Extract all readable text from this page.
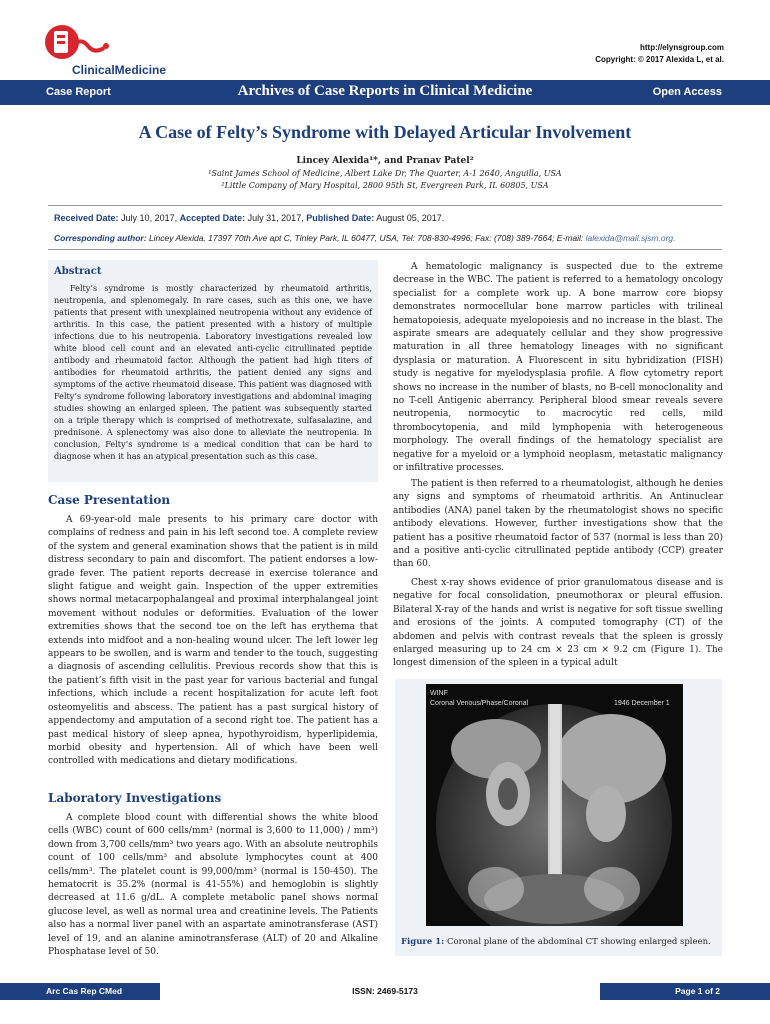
ClinicalMedicine
http://elynsgroup.com
Copyright: © 2017 Alexida L, et al.
Case Report	Archives of Case Reports in Clinical Medicine	Open Access
A Case of Felty’s Syndrome with Delayed Articular Involvement
Lincey Alexida¹*, and Pranav Patel²
¹Saint James School of Medicine, Albert Lake Dr, The Quarter, A-1 2640, Anguilla, USA
²Little Company of Mary Hospital, 2800 95th St, Evergreen Park, IL 60805, USA
Received Date: July 10, 2017, Accepted Date: July 31, 2017, Published Date: August 05, 2017.
Corresponding author: Lincey Alexida, 17397 70th Ave apt C, Tinley Park, IL 60477, USA, Tel: 708-830-4996; Fax: (708) 389-7664; E-mail: lalexida@mail.sjsm.org.
Abstract

Felty’s syndrome is mostly characterized by rheumatoid arthritis, neutropenia, and splenomegaly. In rare cases, such as this one, we have patients that present with unexplained neutropenia without any evidence of arthritis. In this case, the patient presented with a history of multiple infections due to his neutropenia. Laboratory investigations revealed low white blood cell count and an elevated anti-cyclic citrullinated peptide antibody and rheumatoid factor. Although the patient had high titers of antibodies for rheumatoid arthritis, the patient denied any signs and symptoms of the active rheumatoid disease. This patient was diagnosed with Felty’s syndrome following laboratory investigations and abdominal imaging studies showing an enlarged spleen. The patient was subsequently started on a triple therapy which is comprised of methotrexate, sulfasalazine, and prednisone. A splenectomy was also done to alleviate the neutropenia. In conclusion, Felty’s syndrome is a medical condition that can be hard to diagnose when it has an atypical presentation such as this case.

Case Presentation

A 69-year-old male presents to his primary care doctor with complains of redness and pain in his left second toe. A complete review of the system and general examination shows that the patient is in mild distress secondary to pain and discomfort. The patient endorses a low-grade fever. The patient reports decrease in exercise tolerance and slight fatigue and weight gain. Inspection of the upper extremities shows normal metacarpophalangeal and proximal interphalangeal joint movement without nodules or deformities. Evaluation of the lower extremities shows that the second toe on the left has erythema that extends into midfoot and a non-healing wound ulcer. The left lower leg appears to be swollen, and is warm and tender to the touch, suggesting a diagnosis of ascending cellulitis. Previous records show that this is the patient’s fifth visit in the past year for various bacterial and fungal infections, which include a recent hospitalization for acute left foot osteomyelitis and abscess. The patient has a past surgical history of appendectomy and amputation of a second right toe. The patient has a past medical history of sleep apnea, hypothyroidism, hyperlipidemia, morbid obesity and hypertension. All of which have been well controlled with medications and dietary modifications.

Laboratory Investigations

A complete blood count with differential shows the white blood cells (WBC) count of 600 cells/mm³ (normal is 3,600 to 11,000) / mm³) down from 3,700 cells/mm³ two years ago. With an absolute neutrophils count of 100 cells/mm³ and absolute lymphocytes count at 400 cells/mm³. The platelet count is 99,000/mm³ (normal is 150-450). The hematocrit is 35.2% (normal is 41-55%) and hemoglobin is slightly decreased at 11.6 g/dL. A complete metabolic panel shows normal glucose level, as well as normal urea and creatinine levels. The Patients also has a normal liver panel with an aspartate aminotransferase (AST) level of 19, and an alanine aminotransferase (ALT) of 20 and Alkaline Phosphatase level of 50.

A hematologic malignancy is suspected due to the extreme decrease in the WBC. The patient is referred to a hematology oncology specialist for a complete work up. A bone marrow core biopsy demonstrates normocellular bone marrow particles with trilineal hematopoiesis, adequate myelopoiesis and no increase in the blast. The aspirate smears are adequately cellular and they show progressive maturation in all three hematology lineages with no significant dysplasia or maturation. A Fluorescent in situ hybridization (FISH) study is negative for myelodysplasia profile. A flow cytometry report shows no increase in the number of blasts, no B-cell monoclonality and no T-cell Antigenic aberrancy. Peripheral blood smear reveals severe neutropenia, normocytic to macrocytic red cells, mild thrombocytopenia, and mild lymphopenia with heterogeneous morphology. The overall findings of the hematology specialist are negative for a myeloid or a lymphoid neoplasm, metastatic malignancy or infiltrative processes.

The patient is then referred to a rheumatologist, although he denies any signs and symptoms of rheumatoid arthritis. An Antinuclear antibodies (ANA) panel taken by the rheumatologist shows no specific antibody elevations. However, further investigations show that the patient has a positive rheumatoid factor of 537 (normal is less than 20) and a positive anti-cyclic citrullinated peptide antibody (CCP) greater than 60.

Chest x-ray shows evidence of prior granulomatous disease and is negative for focal consolidation, pneumothorax or pleural effusion. Bilateral X-ray of the hands and wrist is negative for soft tissue swelling and erosions of the joints. A computed tomography (CT) of the abdomen and pelvis with contrast reveals that the spleen is grossly enlarged measuring up to 24 cm × 23 cm × 9.2 cm (Figure 1). The longest dimension of the spleen in a typical adult

WINF
Coronal Venous/Phase/Coronal	1946 December 1
Figure 1: Coronal plane of the abdominal CT showing enlarged spleen.
Arc Cas Rep CMed	ISSN: 2469-5173	Page 1 of 2
